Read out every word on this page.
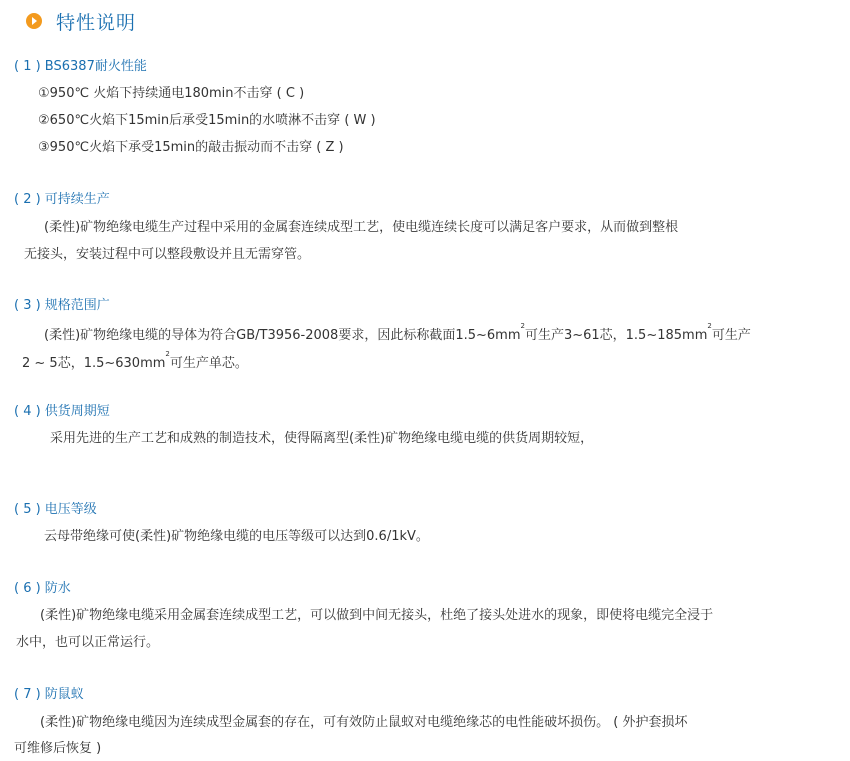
特性说明
( 1 ) BS6387耐火性能
①950℃ 火焰下持续通电180min不击穿 ( C )
②650℃火焰下15min后承受15min的水喷淋不击穿 ( W )
③950℃火焰下承受15min的敲击振动而不击穿 ( Z )
( 2 ) 可持续生产
(柔性)矿物绝缘电缆生产过程中采用的金属套连续成型工艺，使电缆连续长度可以满足客户要求，从而做到整根
无接头，安装过程中可以整段敷设并且无需穿管。
( 3 ) 规格范围广
(柔性)矿物绝缘电缆的导体为符合GB/T3956-2008要求，因此标称截面$1.5\sim 6mm^2$可生产3~61芯，$1.5\sim 185mm^2$可生产
2 ~ 5芯，$1.5\sim 630mm^2$可生产单芯。
( 4 ) 供货周期短
采用先进的生产工艺和成熟的制造技术，使得隔离型(柔性)矿物绝缘电缆电缆的供货周期较短，
( 5 ) 电压等级
云母带绝缘可使(柔性)矿物绝缘电缆的电压等级可以达到0.6/1kV。
( 6 ) 防水
(柔性)矿物绝缘电缆采用金属套连续成型工艺，可以做到中间无接头，杜绝了接头处进水的现象，即使将电缆完全浸于
水中，也可以正常运行。
( 7 ) 防鼠蚁
(柔性)矿物绝缘电缆因为连续成型金属套的存在，可有效防止鼠蚁对电缆绝缘芯的电性能破坏损伤。 ( 外护套损坏
可维修后恢复 )
